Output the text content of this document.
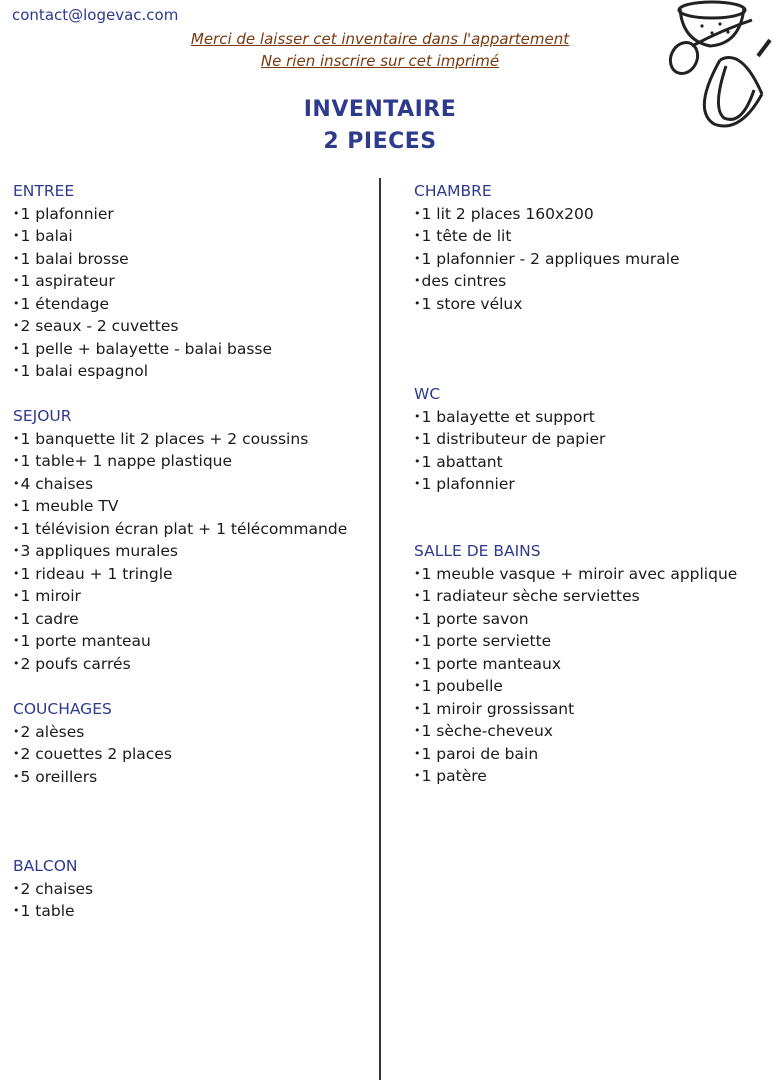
contact@logevac.com
Merci de laisser cet inventaire dans l'appartement
Ne rien inscrire sur cet imprimé
INVENTAIRE
2 PIECES
ENTREE
•1 plafonnier
•1 balai
•1 balai brosse
•1 aspirateur
•1 étendage
•2 seaux - 2 cuvettes
•1 pelle + balayette - balai basse
•1 balai espagnol
SEJOUR
•1 banquette lit 2 places + 2 coussins
•1 table+ 1 nappe plastique
•4 chaises
•1 meuble TV
•1 télévision écran plat + 1 télécommande
•3 appliques murales
•1 rideau + 1 tringle
•1 miroir
•1 cadre
•1 porte manteau
•2 poufs carrés
COUCHAGES
•2 alèses
•2 couettes 2 places
•5 oreillers
BALCON
•2 chaises
•1 table
CHAMBRE
•1 lit 2 places 160x200
•1 tête de lit
•1 plafonnier - 2 appliques murale
•des cintres
•1 store vélux
WC
•1 balayette et support
•1 distributeur de papier
•1 abattant
•1 plafonnier
SALLE DE BAINS
•1 meuble vasque + miroir avec applique
•1 radiateur sèche serviettes
•1 porte savon
•1 porte serviette
•1 porte manteaux
•1 poubelle
•1 miroir grossissant
•1 sèche-cheveux
•1 paroi de bain
•1 patère
